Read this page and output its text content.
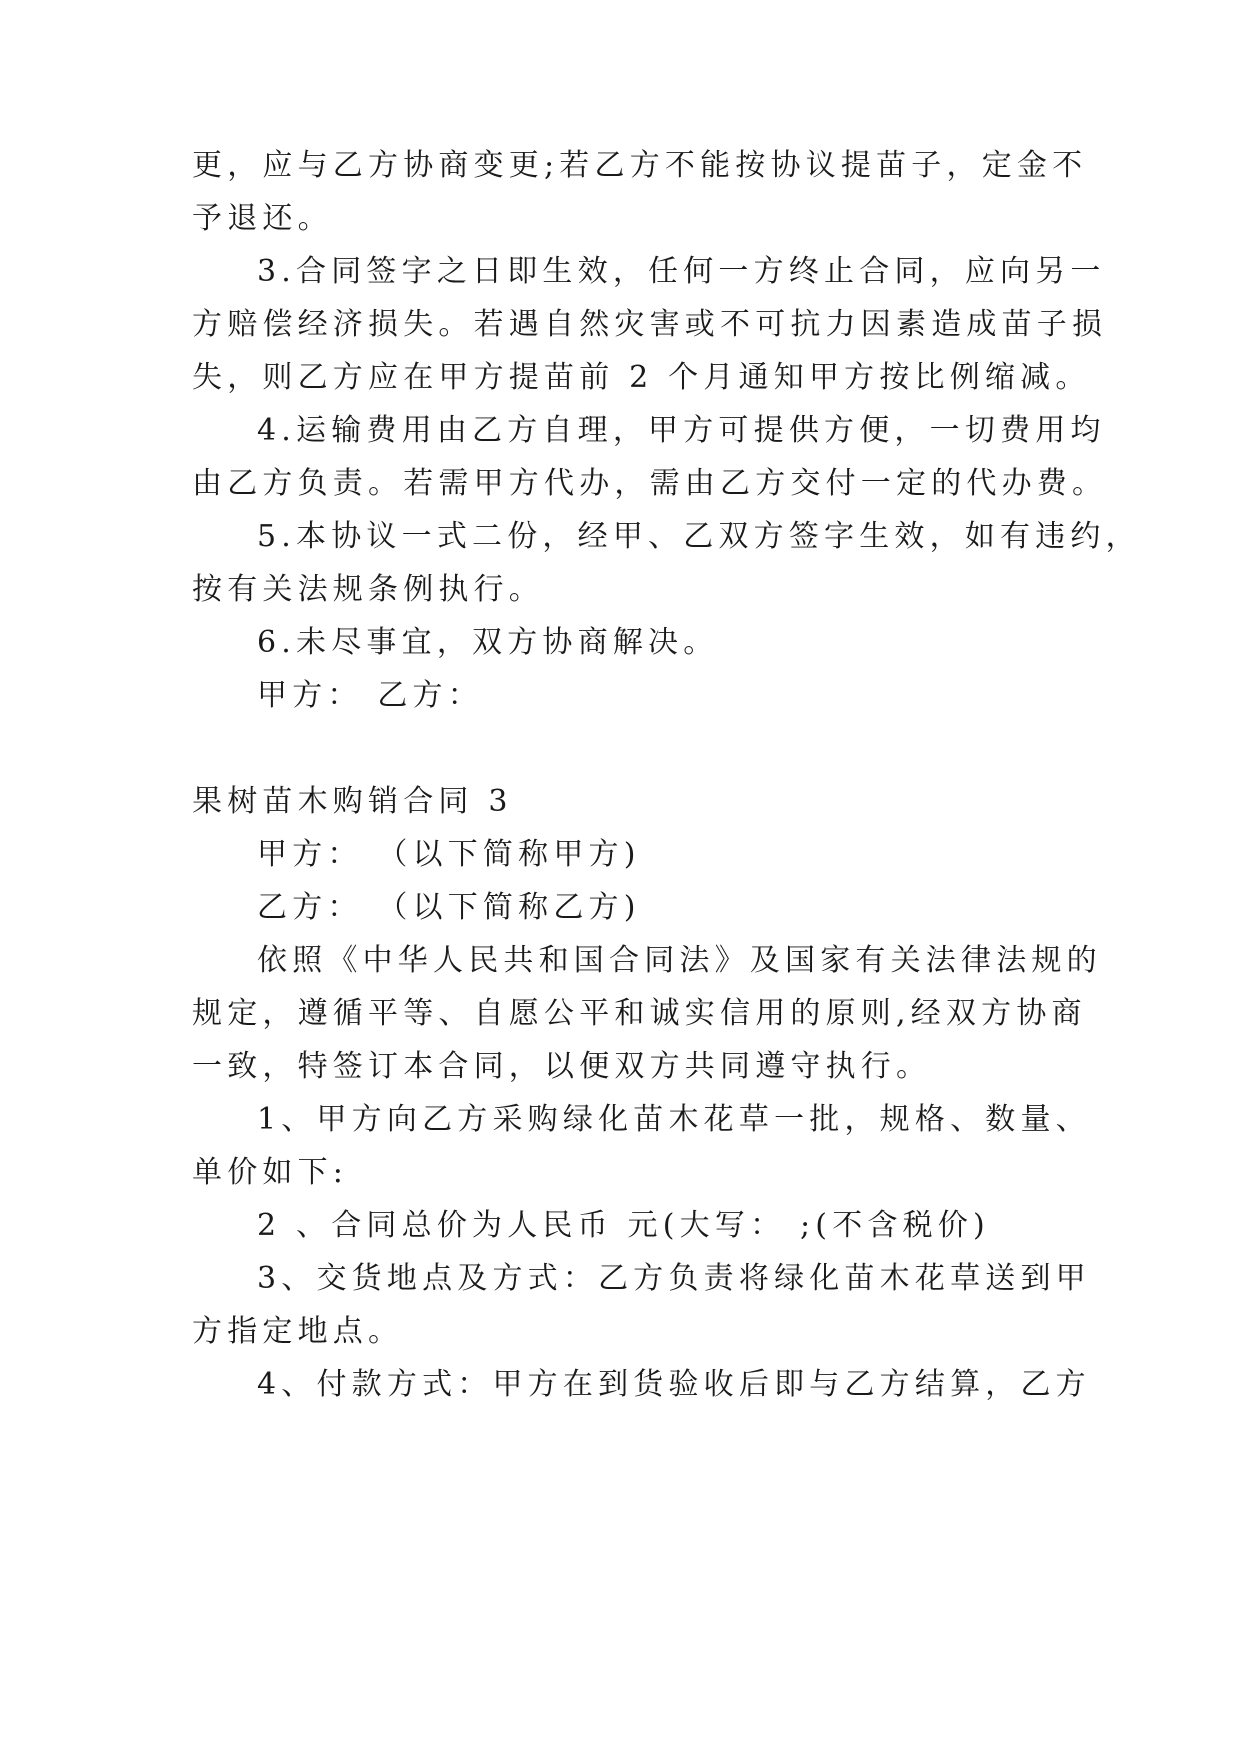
更，应与乙方协商变更;若乙方不能按协议提苗子，定金不
予退还。
3.合同签字之日即生效，任何一方终止合同，应向另一
方赔偿经济损失。若遇自然灾害或不可抗力因素造成苗子损
失，则乙方应在甲方提苗前 2 个月通知甲方按比例缩减。
4.运输费用由乙方自理，甲方可提供方便，一切费用均
由乙方负责。若需甲方代办，需由乙方交付一定的代办费。
5.本协议一式二份，经甲、乙双方签字生效，如有违约，
按有关法规条例执行。
6.未尽事宜，双方协商解决。
甲方： 乙方：
果树苗木购销合同 3
甲方： （以下简称甲方)
乙方： （以下简称乙方)
依照《中华人民共和国合同法》及国家有关法律法规的
规定，遵循平等、自愿公平和诚实信用的原则,经双方协商
一致，特签订本合同，以便双方共同遵守执行。
1、甲方向乙方采购绿化苗木花草一批，规格、数量、
单价如下:
2 、合同总价为人民币 元(大写： ;(不含税价)
3、交货地点及方式：乙方负责将绿化苗木花草送到甲
方指定地点。
4、付款方式：甲方在到货验收后即与乙方结算，乙方
